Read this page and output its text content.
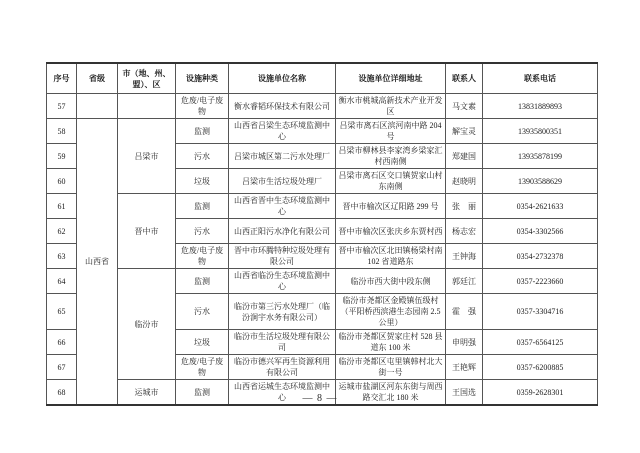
序号	省级	市（地、州、盟）、区	设施种类	设施单位名称	设施单位详细地址	联系人	联系电话
57			危废/电子废物	衡水睿韬环保技术有限公司	衡水市桃城高新技术产业开发区	马文素	13831889893
58	山西省	吕梁市	监测	山西省吕梁生态环境监测中心	吕梁市离石区滨河南中路 204 号	解宝灵	13935800351
59			污水	吕梁市城区第二污水处理厂	吕梁市柳林县李家湾乡梁家汇村西南侧	郑建国	13935878199
60			垃圾	吕梁市生活垃圾处理厂	吕梁市离石区交口镇贺家山村东南侧	赵晓明	13903588629
61		晋中市	监测	山西省晋中生态环境监测中心	晋中市榆次区辽阳路 299 号	张　丽	0354-2621633
62			污水	山西正阳污水净化有限公司	晋中市榆次区张庆乡东贾村西	杨志宏	0354-3302566
63			危废/电子废物	晋中市环腾特种垃圾处理有限公司	晋中市榆次区北田镇杨梁村南 102 省道路东	王钟海	0354-2732378
64		临汾市	监测	山西省临汾生态环境监测中心	临汾市西大街中段东侧	郭廷江	0357-2223660
65			污水	临汾市第三污水处理厂（临汾涧宇水务有限公司）	临汾市尧都区金殿镇伍级村（平阳桥西滨港生态园南 2.5 公里）	霍　强	0357-3304716
66			垃圾	临汾市生活垃圾处理有限公司	临汾市尧都区贺家庄村 528 县道东 100 米	申明强	0357-6564125
67			危废/电子废物	临汾市德兴军再生资源利用有限公司	临汾市尧都区屯里镇韩村北大街一号	王艳辉	0357-6200885
68		运城市	监测	山西省运城生态环境监测中心	运城市盐湖区河东东街与周西路交汇北 180 米	王国选	0359-2628301
— 8 —
